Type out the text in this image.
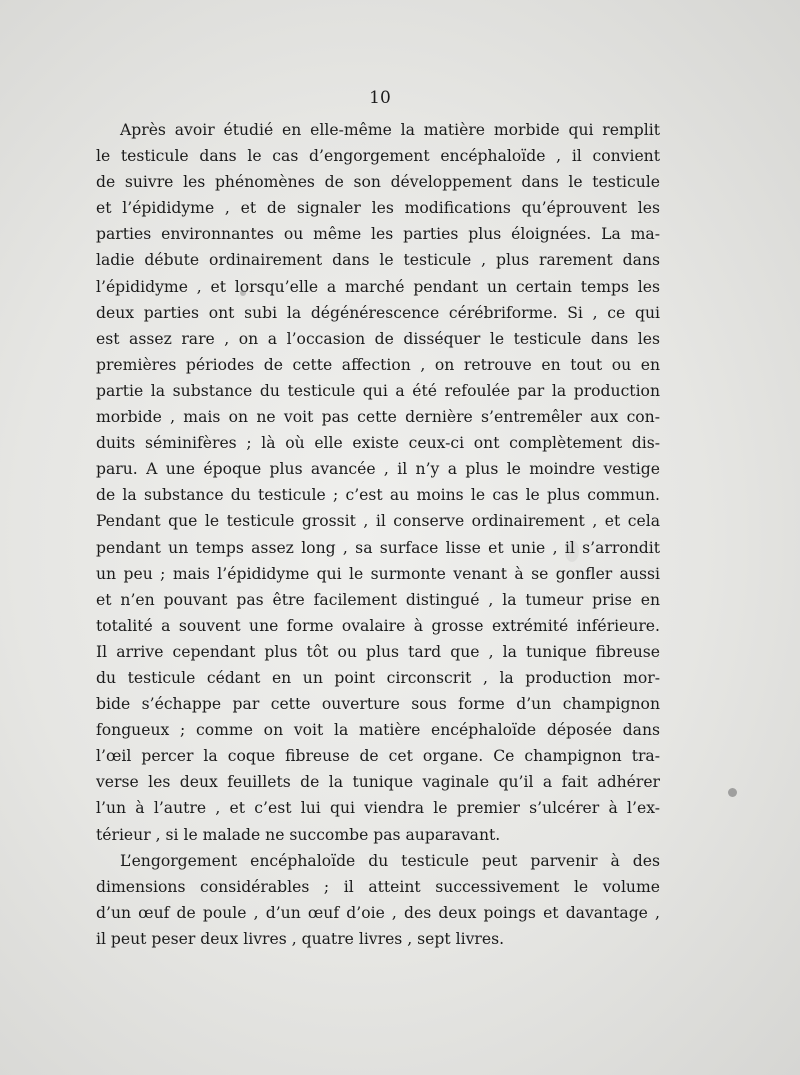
10

Après avoir étudié en elle-même la matière morbide qui remplit
le testicule dans le cas d’engorgement encéphaloïde , il convient
de suivre les phénomènes de son développement dans le testicule
et l’épididyme , et de signaler les modifications qu’éprouvent les
parties environnantes ou même les parties plus éloignées. La ma-
ladie débute ordinairement dans le testicule , plus rarement dans
l’épididyme , et lorsqu’elle a marché pendant un certain temps les
deux parties ont subi la dégénérescence cérébriforme. Si , ce qui
est assez rare , on a l’occasion de disséquer le testicule dans les
premières périodes de cette affection , on retrouve en tout ou en
partie la substance du testicule qui a été refoulée par la production
morbide , mais on ne voit pas cette dernière s’entremêler aux con-
duits séminifères ; là où elle existe ceux-ci ont complètement dis-
paru. A une époque plus avancée , il n’y a plus le moindre vestige
de la substance du testicule ; c’est au moins le cas le plus commun.
Pendant que le testicule grossit , il conserve ordinairement , et cela
pendant un temps assez long , sa surface lisse et unie , il s’arrondit
un peu ; mais l’épididyme qui le surmonte venant à se gonfler aussi
et n’en pouvant pas être facilement distingué , la tumeur prise en
totalité a souvent une forme ovalaire à grosse extrémité inférieure.
Il arrive cependant plus tôt ou plus tard que , la tunique fibreuse
du testicule cédant en un point circonscrit , la production mor-
bide s’échappe par cette ouverture sous forme d’un champignon
fongueux ; comme on voit la matière encéphaloïde déposée dans
l’œil percer la coque fibreuse de cet organe. Ce champignon tra-
verse les deux feuillets de la tunique vaginale qu’il a fait adhérer
l’un à l’autre , et c’est lui qui viendra le premier s’ulcérer à l’ex-
térieur , si le malade ne succombe pas auparavant.

L’engorgement encéphaloïde du testicule peut parvenir à des
dimensions considérables ; il atteint successivement le volume
d’un œuf de poule , d’un œuf d’oie , des deux poings et davantage ,
il peut peser deux livres , quatre livres , sept livres.
